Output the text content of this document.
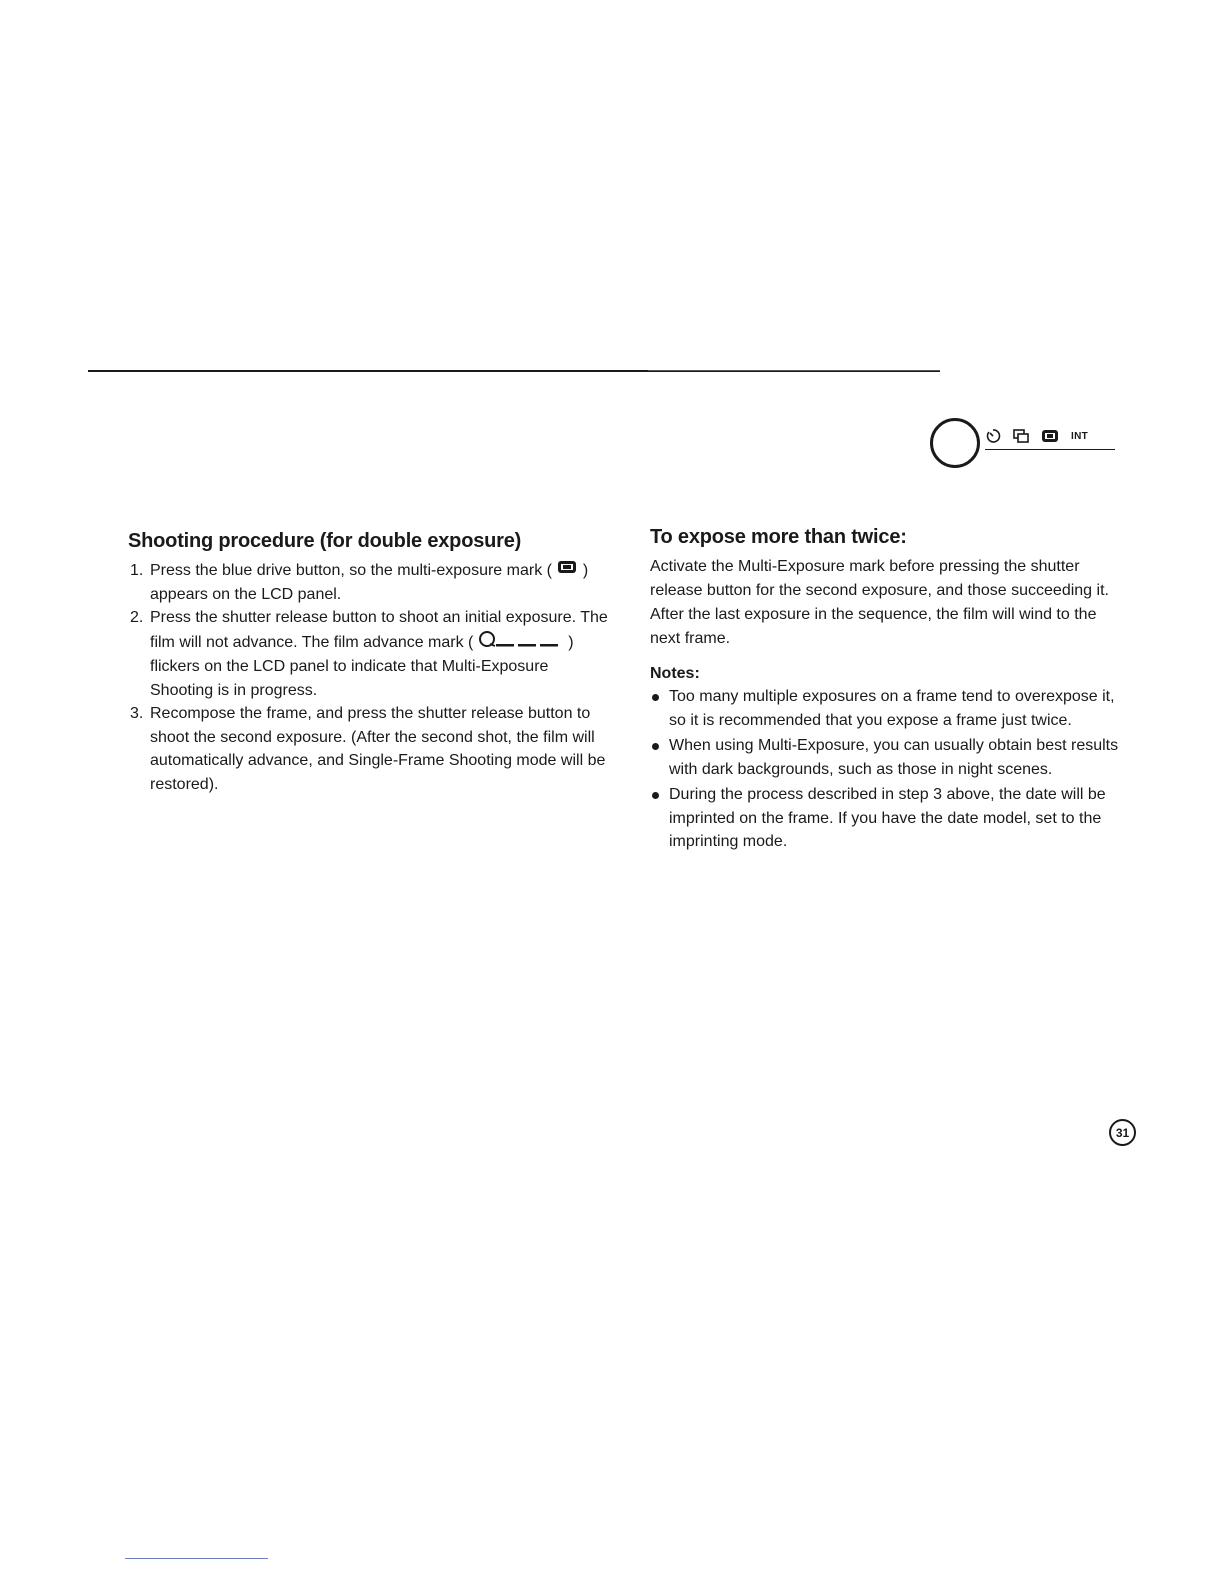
INT
Shooting procedure (for double exposure)
1. Press the blue drive button, so the multi-exposure mark ( ) appears on the LCD panel.
2. Press the shutter release button to shoot an initial exposure. The film will not advance. The film advance mark (	) flickers on the LCD panel to indicate that Multi-Exposure Shooting is in progress.
3. Recompose the frame, and press the shutter release button to shoot the second exposure. (After the second shot, the film will automatically advance, and Single-Frame Shooting mode will be restored).
To expose more than twice:

Activate the Multi-Exposure mark before pressing the shutter release button for the second exposure, and those succeeding it. After the last exposure in the sequence, the film will wind to the next frame.

Notes:
Too many multiple exposures on a frame tend to overexpose it, so it is recommended that you expose a frame just twice.
When using Multi-Exposure, you can usually obtain best results with dark backgrounds, such as those in night scenes.
During the process described in step 3 above, the date will be imprinted on the frame. If you have the date model, set to the imprinting mode.
31
